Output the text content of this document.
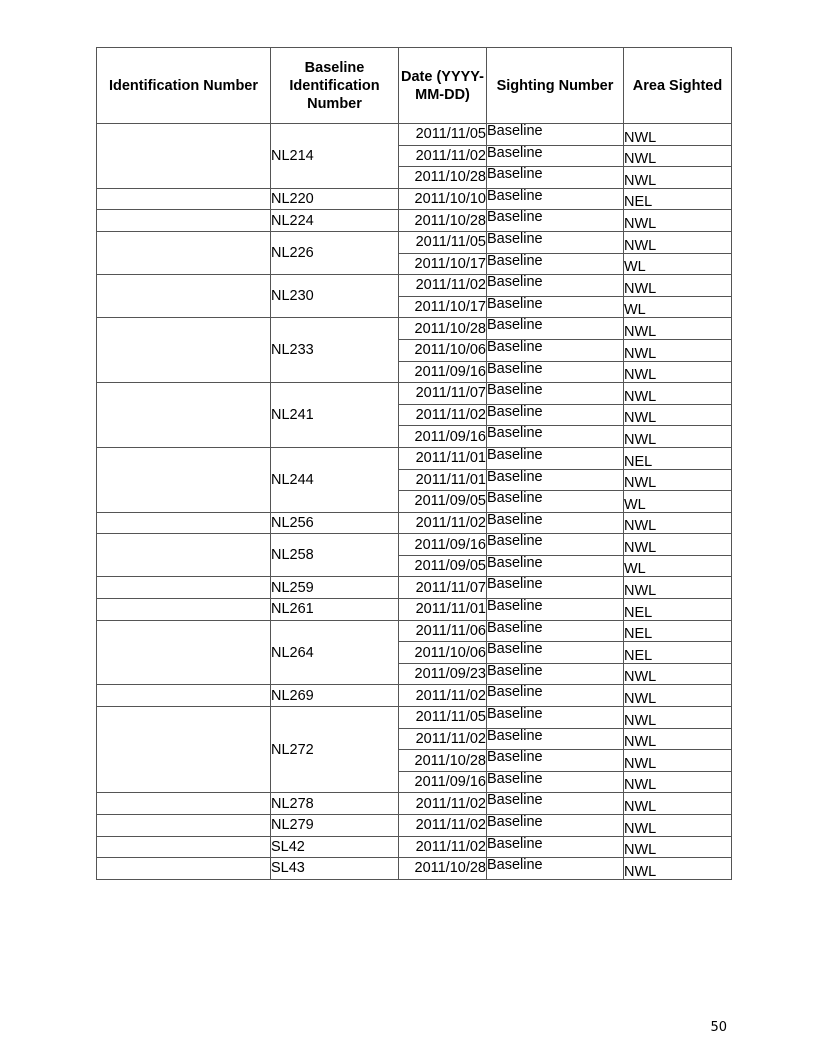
Identification Number	Baseline Identification Number	Date (YYYY-MM-DD)	Sighting Number	Area Sighted
	NL214	2011/11/05	Baseline	NWL
		2011/11/02	Baseline	NWL
		2011/10/28	Baseline	NWL
	NL220	2011/10/10	Baseline	NEL
	NL224	2011/10/28	Baseline	NWL
	NL226	2011/11/05	Baseline	NWL
		2011/10/17	Baseline	WL
	NL230	2011/11/02	Baseline	NWL
		2011/10/17	Baseline	WL
	NL233	2011/10/28	Baseline	NWL
		2011/10/06	Baseline	NWL
		2011/09/16	Baseline	NWL
	NL241	2011/11/07	Baseline	NWL
		2011/11/02	Baseline	NWL
		2011/09/16	Baseline	NWL
	NL244	2011/11/01	Baseline	NEL
		2011/11/01	Baseline	NWL
		2011/09/05	Baseline	WL
	NL256	2011/11/02	Baseline	NWL
	NL258	2011/09/16	Baseline	NWL
		2011/09/05	Baseline	WL
	NL259	2011/11/07	Baseline	NWL
	NL261	2011/11/01	Baseline	NEL
	NL264	2011/11/06	Baseline	NEL
		2011/10/06	Baseline	NEL
		2011/09/23	Baseline	NWL
	NL269	2011/11/02	Baseline	NWL
	NL272	2011/11/05	Baseline	NWL
		2011/11/02	Baseline	NWL
		2011/10/28	Baseline	NWL
		2011/09/16	Baseline	NWL
	NL278	2011/11/02	Baseline	NWL
	NL279	2011/11/02	Baseline	NWL
	SL42	2011/11/02	Baseline	NWL
	SL43	2011/10/28	Baseline	NWL
50
